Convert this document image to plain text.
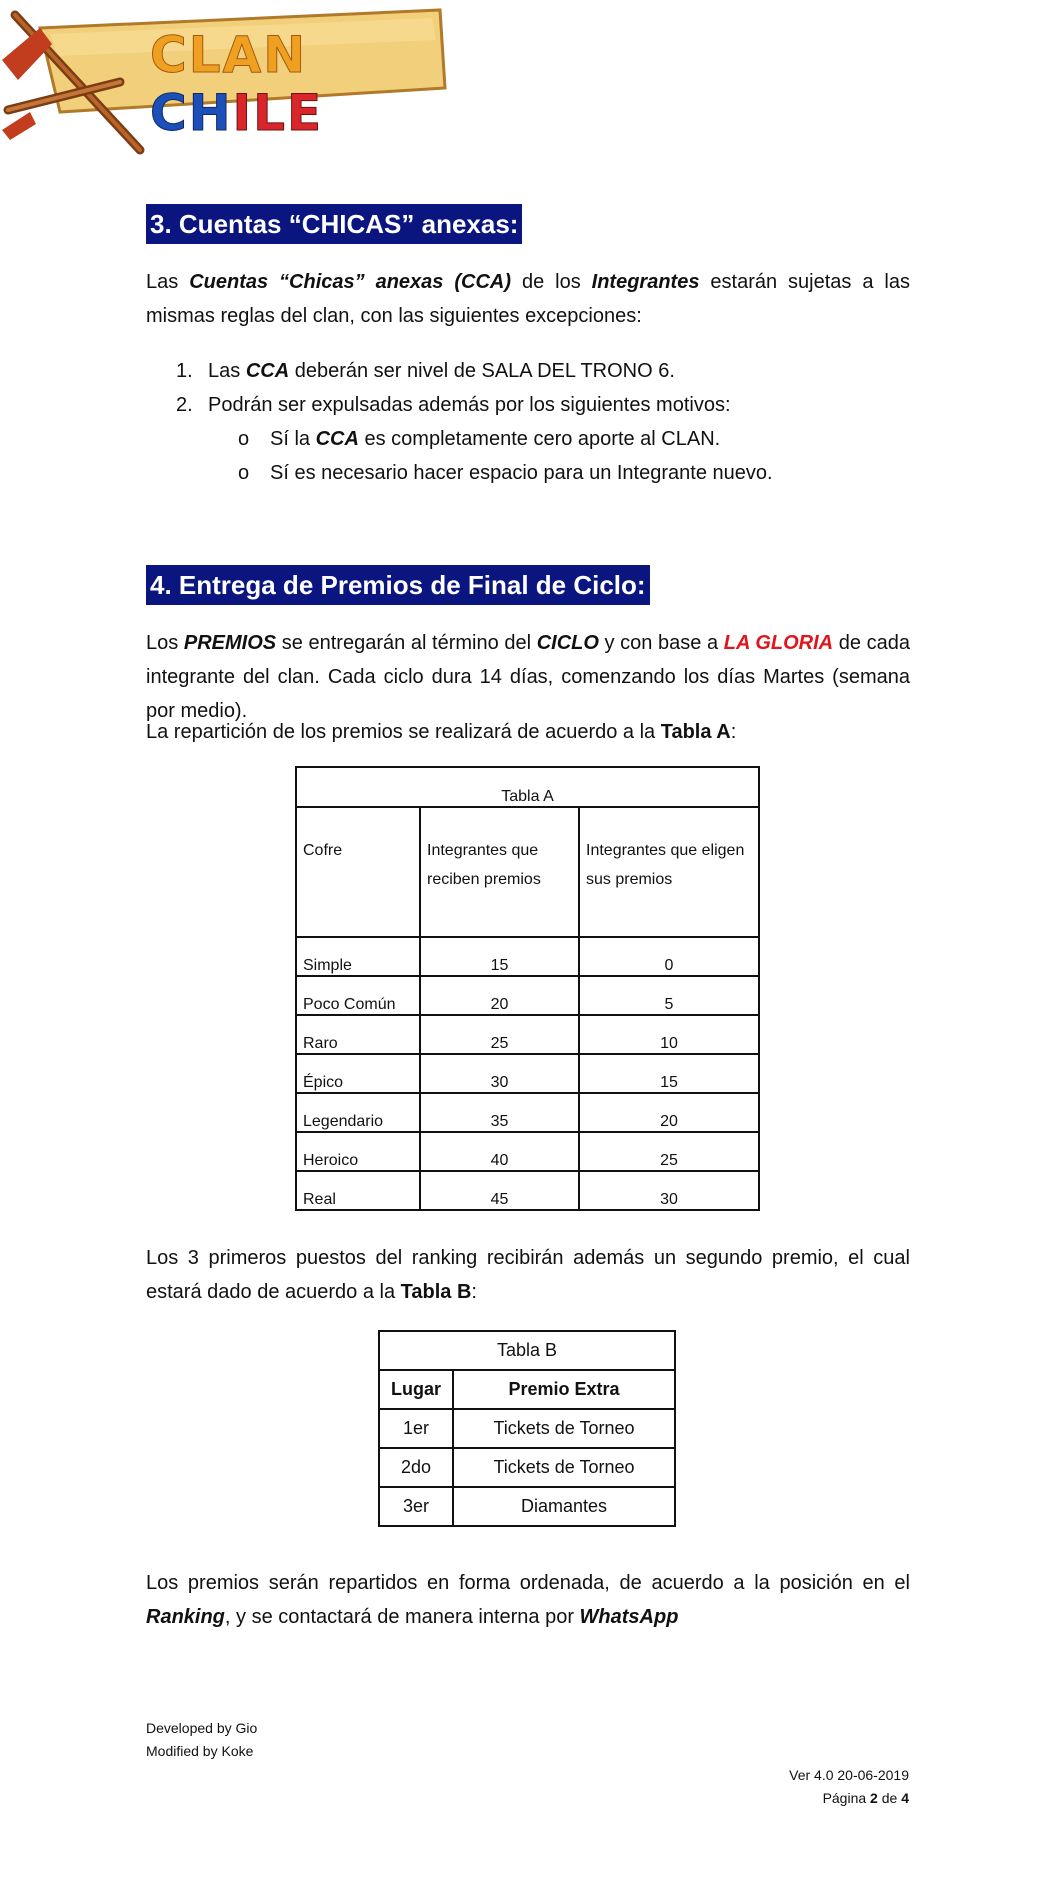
CLAN CHILE
3. Cuentas “CHICAS” anexas:

Las Cuentas “Chicas” anexas (CCA) de los Integrantes estarán sujetas a las mismas reglas del clan, con las siguientes excepciones:

1. Las CCA deberán ser nivel de SALA DEL TRONO 6.
2. Podrán ser expulsadas además por los siguientes motivos:
o	Sí la CCA es completamente cero aporte al CLAN.
o	Sí es necesario hacer espacio para un Integrante nuevo.
4. Entrega de Premios de Final de Ciclo:

Los PREMIOS se entregarán al término del CICLO y con base a LA GLORIA de cada integrante del clan. Cada ciclo dura 14 días, comenzando los días Martes (semana por medio).

La repartición de los premios se realizará de acuerdo a la Tabla A:

Tabla A		
Cofre	Integrantes que reciben premios	Integrantes que eligen sus premios
Simple	15	0
Poco Común	20	5
Raro	25	10
Épico	30	15
Legendario	35	20
Heroico	40	25
Real	45	30

Los 3 primeros puestos del ranking recibirán además un segundo premio, el cual estará dado de acuerdo a la Tabla B:

Tabla B	
Lugar	Premio Extra
1er	Tickets de Torneo
2do	Tickets de Torneo
3er	Diamantes

Los premios serán repartidos en forma ordenada, de acuerdo a la posición en el Ranking, y se contactará de manera interna por WhatsApp

Developed by Gio
Modified by Koke
Ver 4.0 20-06-2019
Página 2 de 4
